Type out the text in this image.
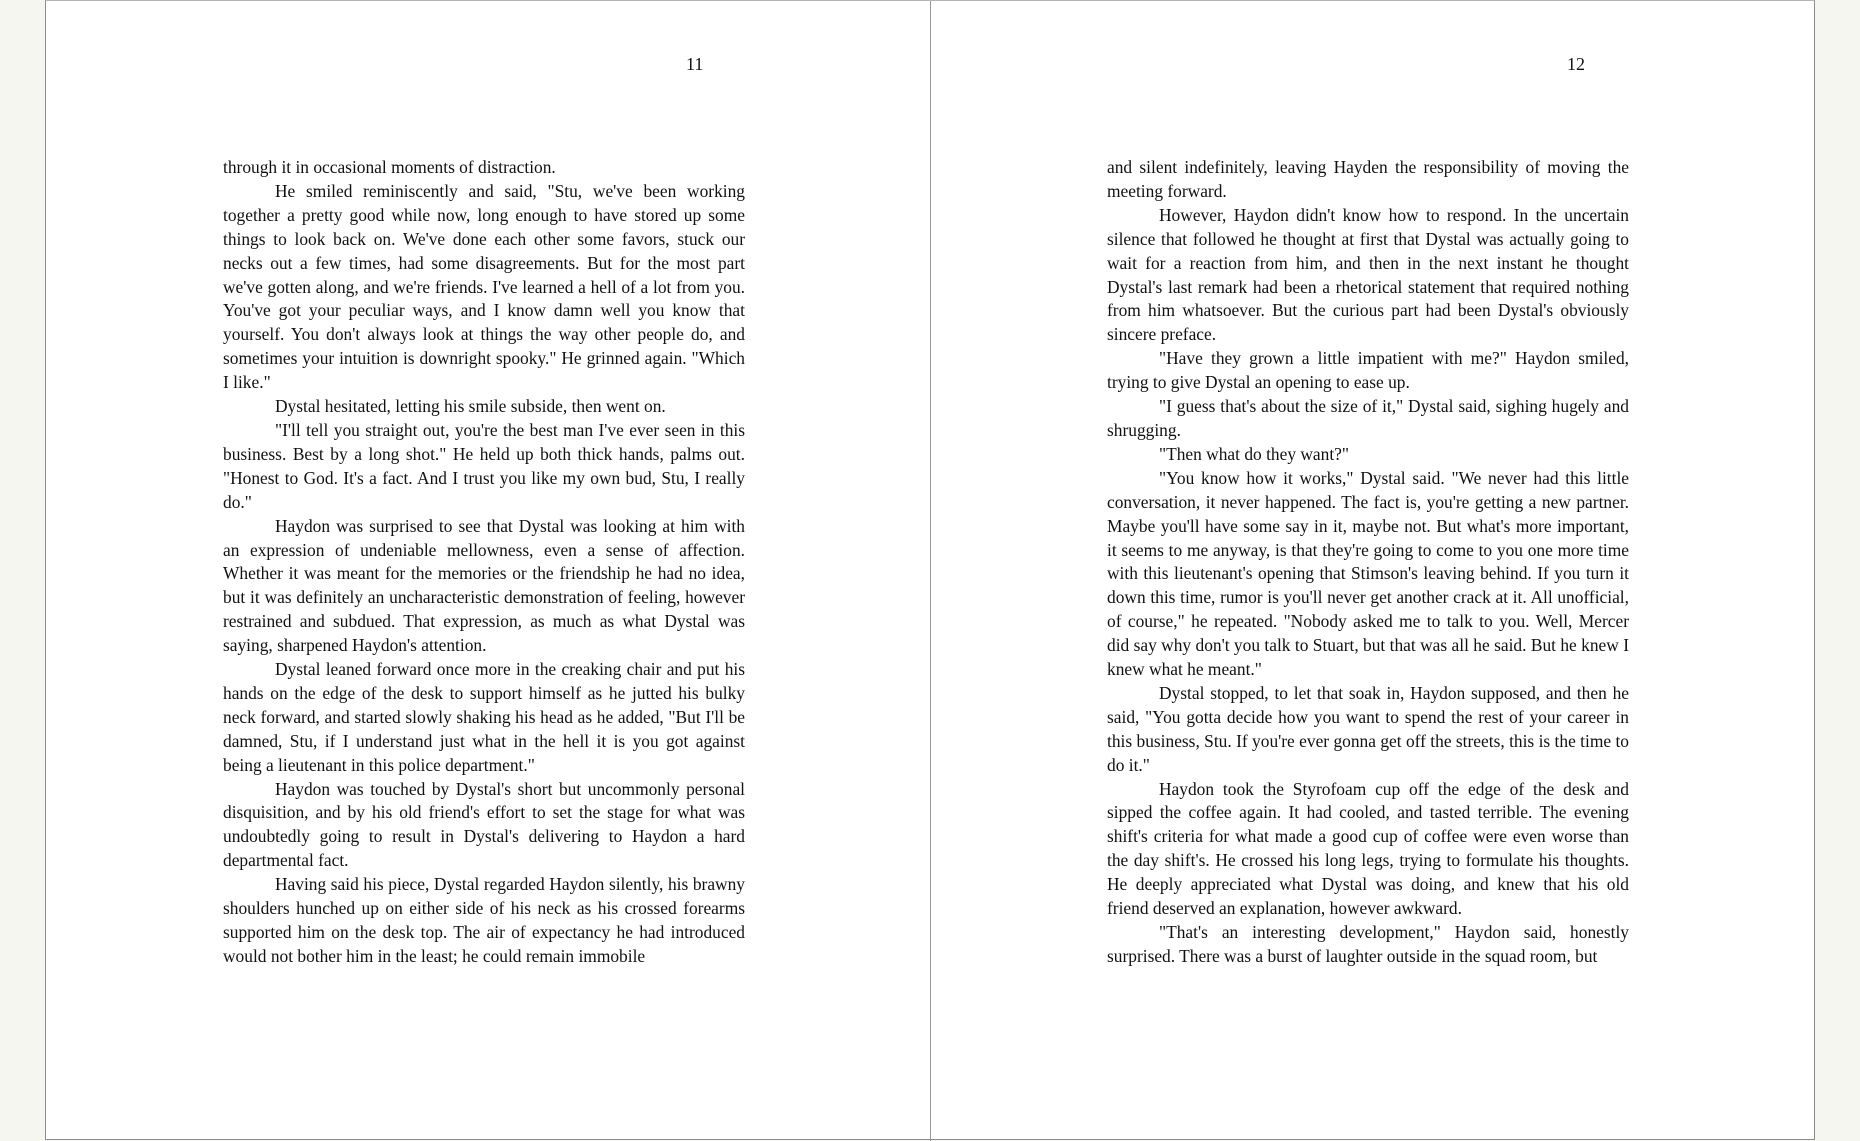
11

through it in occasional moments of distraction.

He smiled reminiscently and said, "Stu, we've been working together a pretty good while now, long enough to have stored up some things to look back on. We've done each other some favors, stuck our necks out a few times, had some disagreements. But for the most part we've gotten along, and we're friends. I've learned a hell of a lot from you. You've got your peculiar ways, and I know damn well you know that yourself. You don't always look at things the way other people do, and sometimes your intuition is downright spooky." He grinned again. "Which I like."

Dystal hesitated, letting his smile subside, then went on.

"I'll tell you straight out, you're the best man I've ever seen in this business. Best by a long shot." He held up both thick hands, palms out. "Honest to God. It's a fact. And I trust you like my own bud, Stu, I really do."

Haydon was surprised to see that Dystal was looking at him with an expression of undeniable mellowness, even a sense of affection. Whether it was meant for the memories or the friendship he had no idea, but it was definitely an uncharacteristic demonstration of feeling, however restrained and subdued. That expression, as much as what Dystal was saying, sharpened Haydon's attention.

Dystal leaned forward once more in the creaking chair and put his hands on the edge of the desk to support himself as he jutted his bulky neck forward, and started slowly shaking his head as he added, "But I'll be damned, Stu, if I understand just what in the hell it is you got against being a lieutenant in this police department."

Haydon was touched by Dystal's short but uncommonly personal disquisition, and by his old friend's effort to set the stage for what was undoubtedly going to result in Dystal's delivering to Haydon a hard departmental fact.

Having said his piece, Dystal regarded Haydon silently, his brawny shoulders hunched up on either side of his neck as his crossed forearms supported him on the desk top. The air of expectancy he had introduced would not bother him in the least; he could remain immobile

12

and silent indefinitely, leaving Hayden the responsibility of moving the meeting forward.

However, Haydon didn't know how to respond. In the uncertain silence that followed he thought at first that Dystal was actually going to wait for a reaction from him, and then in the next instant he thought Dystal's last remark had been a rhetorical statement that required nothing from him whatsoever. But the curious part had been Dystal's obviously sincere preface.

"Have they grown a little impatient with me?" Haydon smiled, trying to give Dystal an opening to ease up.

"I guess that's about the size of it," Dystal said, sighing hugely and shrugging.

"Then what do they want?"

"You know how it works," Dystal said. "We never had this little conversation, it never happened. The fact is, you're getting a new partner. Maybe you'll have some say in it, maybe not. But what's more important, it seems to me anyway, is that they're going to come to you one more time with this lieutenant's opening that Stimson's leaving behind. If you turn it down this time, rumor is you'll never get another crack at it. All unofficial, of course," he repeated. "Nobody asked me to talk to you. Well, Mercer did say why don't you talk to Stuart, but that was all he said. But he knew I knew what he meant."

Dystal stopped, to let that soak in, Haydon supposed, and then he said, "You gotta decide how you want to spend the rest of your career in this business, Stu. If you're ever gonna get off the streets, this is the time to do it."

Haydon took the Styrofoam cup off the edge of the desk and sipped the coffee again. It had cooled, and tasted terrible. The evening shift's criteria for what made a good cup of coffee were even worse than the day shift's. He crossed his long legs, trying to formulate his thoughts. He deeply appreciated what Dystal was doing, and knew that his old friend deserved an explanation, however awkward.

"That's an interesting development," Haydon said, honestly surprised. There was a burst of laughter outside in the squad room, but
